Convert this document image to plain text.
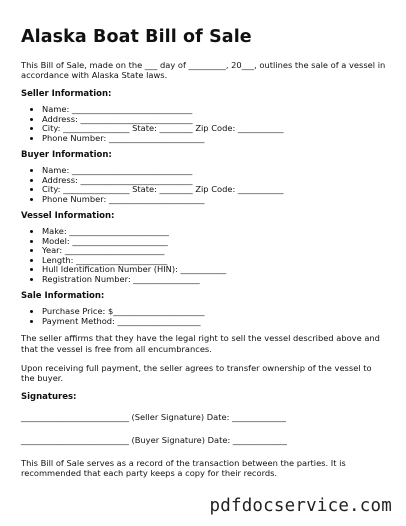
Alaska Boat Bill of Sale

This Bill of Sale, made on the ___ day of _________, 20___, outlines the sale of a vessel in accordance with Alaska State laws.

Seller Information:
• Name: _____________________________
• Address: ___________________________
• City: ________________ State: ________ Zip Code: ___________
• Phone Number: _______________________
Buyer Information:
• Name: _____________________________
• Address: ___________________________
• City: ________________ State: ________ Zip Code: ___________
• Phone Number: _______________________
Vessel Information:
• Make: ________________________
• Model: _______________________
• Year: ________________________
• Length: ______________________
• Hull Identification Number (HIN): ___________
• Registration Number: ________________
Sale Information:
• Purchase Price: $______________________
• Payment Method: ____________________

The seller affirms that they have the legal right to sell the vessel described above and that the vessel is free from all encumbrances.

Upon receiving full payment, the seller agrees to transfer ownership of the vessel to the buyer.

Signatures:
__________________________ (Seller Signature) Date: _____________
__________________________ (Buyer Signature) Date: _____________

This Bill of Sale serves as a record of the transaction between the parties. It is recommended that each party keeps a copy for their records.

pdfdocservice.com
